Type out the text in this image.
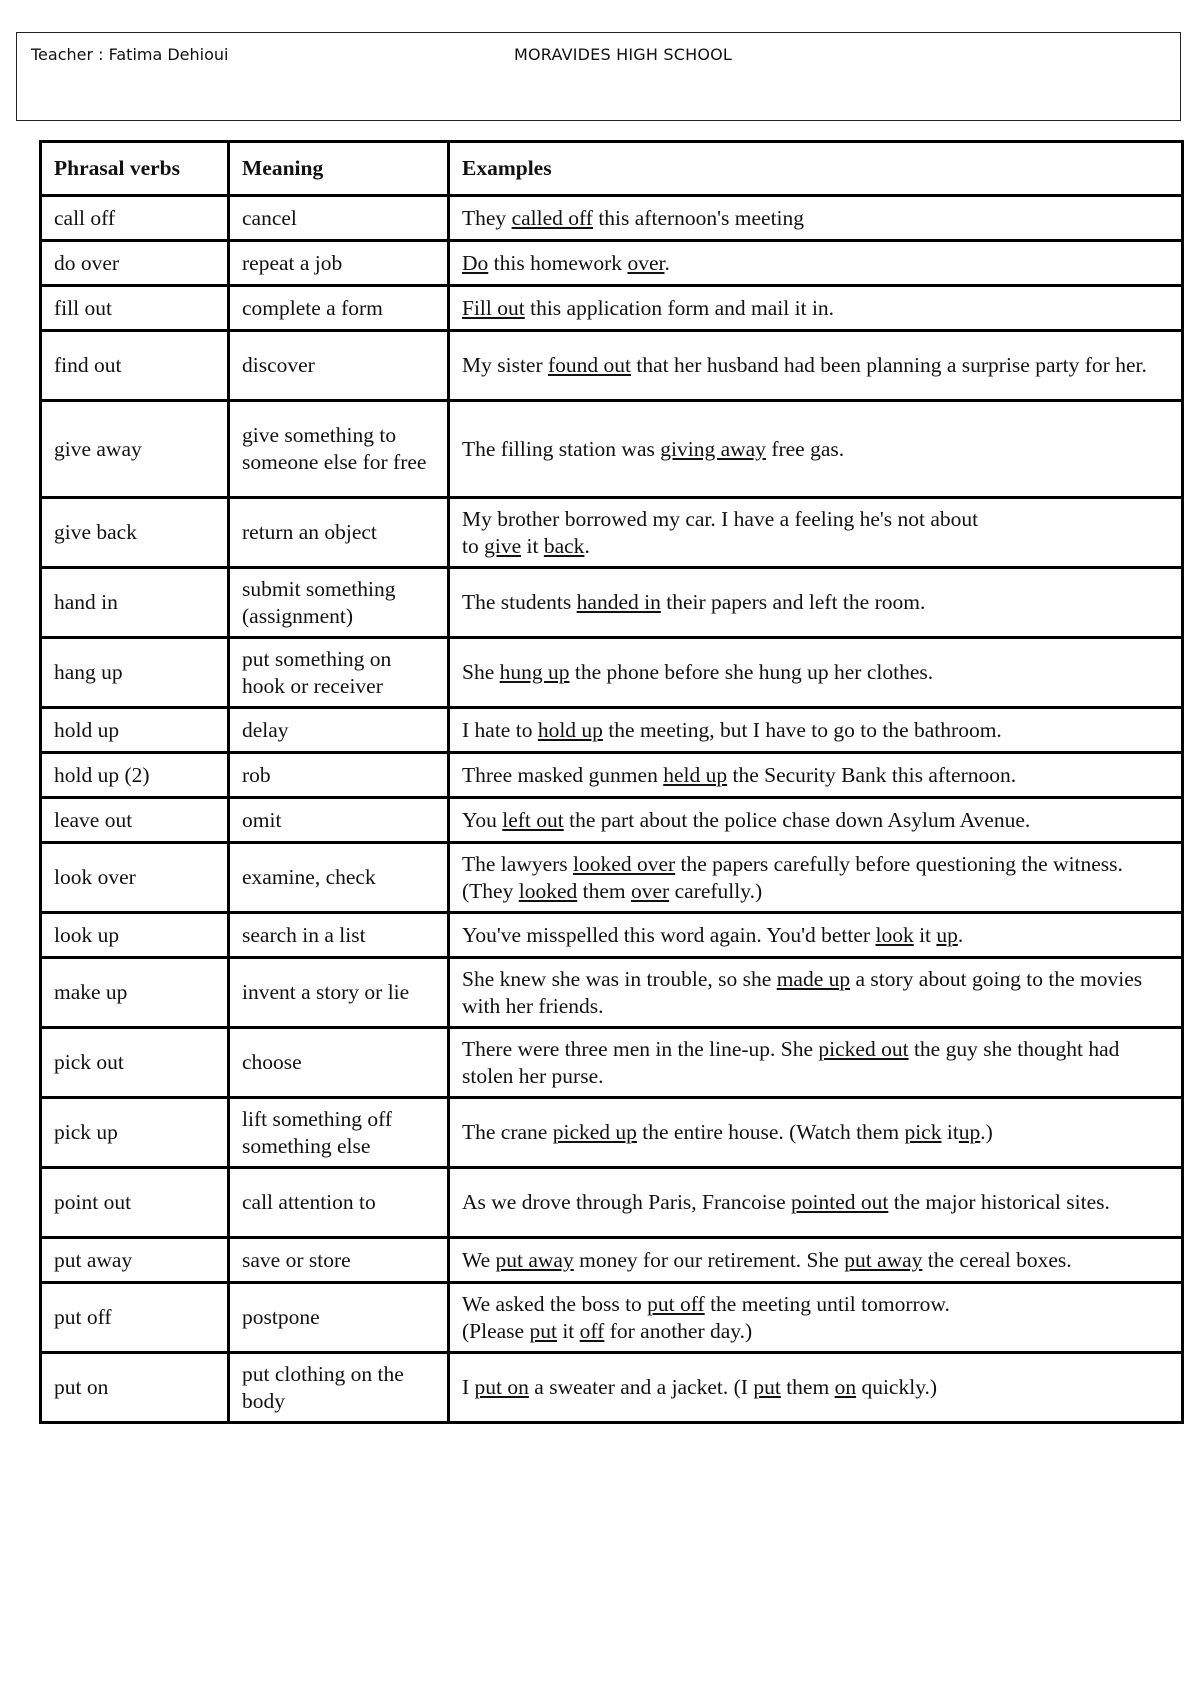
Teacher : Fatima Dehioui	MORAVIDES HIGH SCHOOL
Phrasal verbs	Meaning	Examples
call off	cancel	They called off this afternoon's meeting
do over	repeat a job	Do this homework over.
fill out	complete a form	Fill out this application form and mail it in.
find out	discover	My sister found out that her husband had been planning a surprise party for her.
give away	give something to someone else for free	The filling station was giving away free gas.
give back	return an object	My brother borrowed my car. I have a feeling he's not about
to give it back.
hand in	submit something (assignment)	The students handed in their papers and left the room.
hang up	put something on hook or receiver	She hung up the phone before she hung up her clothes.
hold up	delay	I hate to hold up the meeting, but I have to go to the bathroom.
hold up (2)	rob	Three masked gunmen held up the Security Bank this afternoon.
leave out	omit	You left out the part about the police chase down Asylum Avenue.
look over	examine, check	The lawyers looked over the papers carefully before questioning the witness. (They looked them over carefully.)
look up	search in a list	You've misspelled this word again. You'd better look it up.
make up	invent a story or lie	She knew she was in trouble, so she made up a story about going to the movies with her friends.
pick out	choose	There were three men in the line-up. She picked out the guy she thought had stolen her purse.
pick up	lift something off something else	The crane picked up the entire house. (Watch them pick itup.)
point out	call attention to	As we drove through Paris, Francoise pointed out the major historical sites.
put away	save or store	We put away money for our retirement. She put away the cereal boxes.
put off	postpone	We asked the boss to put off the meeting until tomorrow.
(Please put it off for another day.)
put on	put clothing on the body	I put on a sweater and a jacket. (I put them on quickly.)
